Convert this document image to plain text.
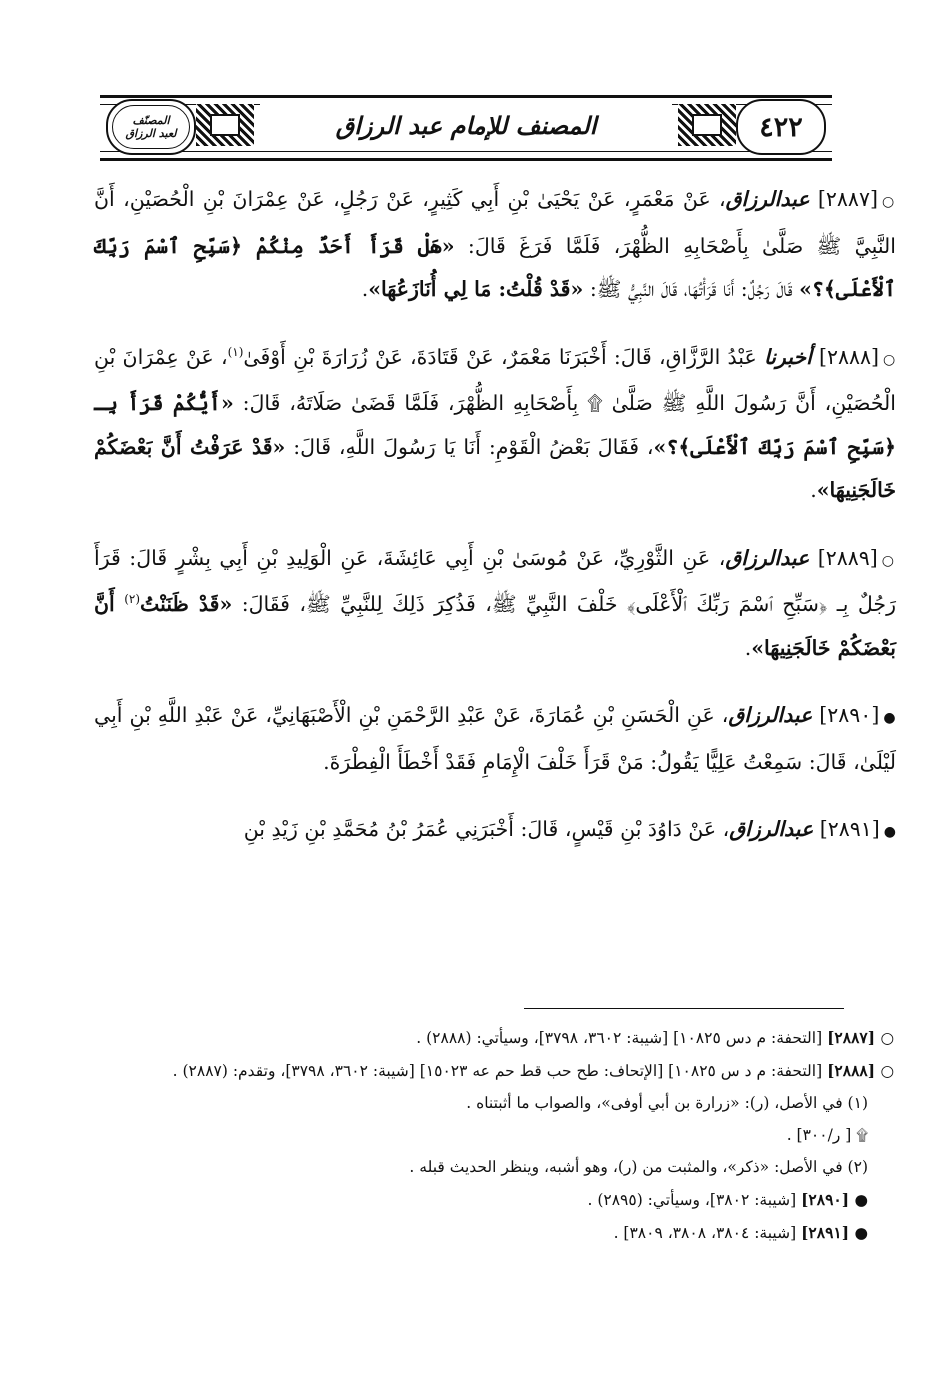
المصنّف
لعبد الرزاق	المصنف للإمام عبد الرزاق	٤٢٢

○[٢٨٨٧] عبدالرزاق، عَنْ مَعْمَرٍ، عَنْ يَحْيَىٰ بْنِ أَبِي كَثِيرٍ، عَنْ رَجُلٍ، عَنْ عِمْرَانَ بْنِ الْحُصَيْنِ، أَنَّ النَّبِيَّ ﷺ صَلَّىٰ بِأَصْحَابِهِ الظُّهْرَ، فَلَمَّا فَرَغَ قَالَ: «هَلْ قَرَأَ أَحَدٌ مِنْكُمْ ﴿سَبِّحِ ٱسْمَ رَبِّكَ ٱلْأَعْلَى﴾؟» قَالَ رَجُلٌ: أَنَا قَرَأْتُهَا، قَالَ النَّبِيُّ ﷺ: «قَدْ قُلْتُ: مَا لِي أُنَازَعُهَا».

○[٢٨٨٨] أخبرنا عَبْدُ الرَّزَّاقِ، قَالَ: أَخْبَرَنَا مَعْمَرٌ، عَنْ قَتَادَةَ، عَنْ زُرَارَةَ بْنِ أَوْفَىٰ$^{(١)}$، عَنْ عِمْرَانَ بْنِ الْحُصَيْنِ، أَنَّ رَسُولَ اللَّهِ ﷺ صَلَّىٰ ۩ بِأَصْحَابِهِ الظُّهْرَ، فَلَمَّا قَضَىٰ صَلَاتَهُ، قَالَ: «أَيُّكُمْ قَرَأَ بِـ ﴿سَبِّحِ ٱسْمَ رَبِّكَ ٱلْأَعْلَى﴾؟»، فَقَالَ بَعْضُ الْقَوْمِ: أَنَا يَا رَسُولَ اللَّهِ، قَالَ: «قَدْ عَرَفْتُ أَنَّ بَعْضَكُمْ خَالَجَنِيهَا».

○[٢٨٨٩] عبدالرزاق، عَنِ الثَّوْرِيِّ، عَنْ مُوسَىٰ بْنِ أَبِي عَائِشَةَ، عَنِ الْوَلِيدِ بْنِ أَبِي بِشْرٍ قَالَ: قَرَأَ رَجُلٌ بِـ ﴿سَبِّحِ ٱسْمَ رَبِّكَ ٱلْأَعْلَى﴾ خَلْفَ النَّبِيِّ ﷺ، فَذُكِرَ ذَلِكَ لِلنَّبِيِّ ﷺ، فَقَالَ: «قَدْ ظَنَنْتُ$^{(٢)}$ أَنَّ بَعْضَكُمْ خَالَجَنِيهَا».

●[٢٨٩٠] عبدالرزاق، عَنِ الْحَسَنِ بْنِ عُمَارَةَ، عَنْ عَبْدِ الرَّحْمَنِ بْنِ الْأَصْبَهَانِيِّ، عَنْ عَبْدِ اللَّهِ بْنِ أَبِي لَيْلَىٰ، قَالَ: سَمِعْتُ عَلِيًّا يَقُولُ: مَنْ قَرَأَ خَلْفَ الْإِمَامِ فَقَدْ أَخْطَأَ الْفِطْرَةَ.

●[٢٨٩١] عبدالرزاق، عَنْ دَاوُدَ بْنِ قَيْسٍ، قَالَ: أَخْبَرَنِي عُمَرُ بْنُ مُحَمَّدِ بْنِ زَيْدِ بْنِ

○ [٢٨٨٧] [التحفة: م دس ١٠٨٢٥] [شيبة: ٣٦٠٢، ٣٧٩٨]، وسيأتي: (٢٨٨٨) .
○ [٢٨٨٨] [التحفة: م د س ١٠٨٢٥] [الإتحاف: طح حب قط حم عه ١٥٠٢٣] [شيبة: ٣٦٠٢، ٣٧٩٨]، وتقدم: (٢٨٨٧) .
(١) في الأصل، (ر): «زرارة بن أبي أوفى»، والصواب ما أثبتناه .
۩ [ ر/٣٠٠] .
(٢) في الأصل: «ذكر»، والمثبت من (ر)، وهو أشبه، وينظر الحديث قبله .
● [٢٨٩٠] [شيبة: ٣٨٠٢]، وسيأتي: (٢٨٩٥) .
● [٢٨٩١] [شيبة: ٣٨٠٤، ٣٨٠٨، ٣٨٠٩] .
